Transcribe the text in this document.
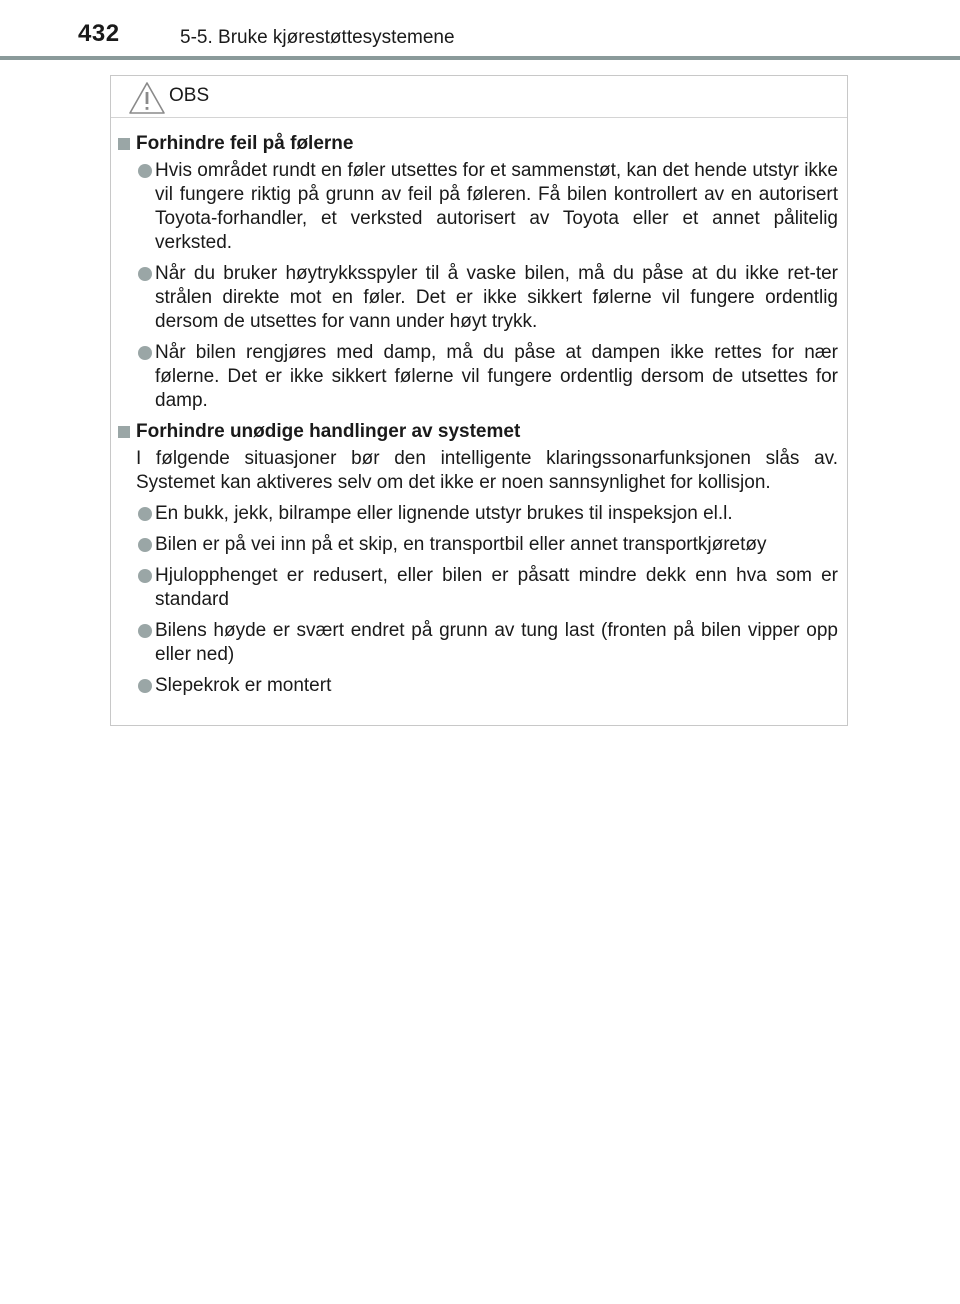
432	5-5. Bruke kjørestøttesystemene
OBS
Forhindre feil på følerne
Hvis området rundt en føler utsettes for et sammenstøt, kan det hende utstyr ikke vil fungere riktig på grunn av feil på føleren. Få bilen kontrollert av en autorisert Toyota-forhandler, et verksted autorisert av Toyota eller et annet pålitelig verksted.
Når du bruker høytrykksspyler til å vaske bilen, må du påse at du ikke ret-ter strålen direkte mot en føler. Det er ikke sikkert følerne vil fungere ordentlig dersom de utsettes for vann under høyt trykk.
Når bilen rengjøres med damp, må du påse at dampen ikke rettes for nær følerne. Det er ikke sikkert følerne vil fungere ordentlig dersom de utsettes for damp.
Forhindre unødige handlinger av systemet
I følgende situasjoner bør den intelligente klaringssonarfunksjonen slås av. Systemet kan aktiveres selv om det ikke er noen sannsynlighet for kollisjon.
En bukk, jekk, bilrampe eller lignende utstyr brukes til inspeksjon el.l.
Bilen er på vei inn på et skip, en transportbil eller annet transportkjøretøy
Hjulopphenget er redusert, eller bilen er påsatt mindre dekk enn hva som er standard
Bilens høyde er svært endret på grunn av tung last (fronten på bilen vipper opp eller ned)
Slepekrok er montert
